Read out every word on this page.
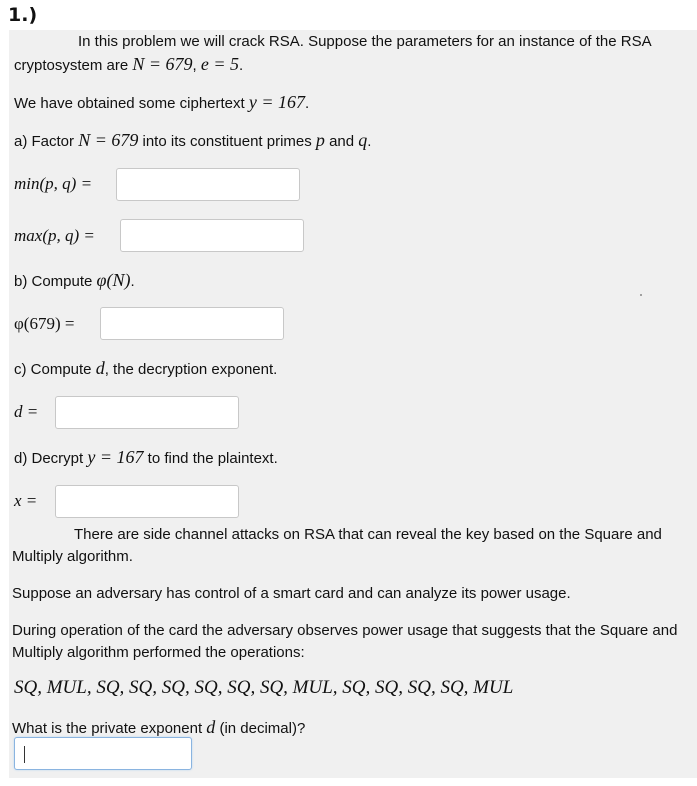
1.)
In this problem we will crack RSA. Suppose the parameters for an instance of the RSA
cryptosystem are N = 679, e = 5.
We have obtained some ciphertext y = 167.
a) Factor N = 679 into its constituent primes p and q.
min(p, q) =
max(p, q) =
b) Compute φ(N).
φ(679) =
c) Compute d, the decryption exponent.
d =
d) Decrypt y = 167 to find the plaintext.
x =
There are side channel attacks on RSA that can reveal the key based on the Square and
Multiply algorithm.
Suppose an adversary has control of a smart card and can analyze its power usage.
During operation of the card the adversary observes power usage that suggests that the Square and
Multiply algorithm performed the operations:
SQ, MUL, SQ, SQ, SQ, SQ, SQ, SQ, MUL, SQ, SQ, SQ, SQ, MUL
What is the private exponent d (in decimal)?
